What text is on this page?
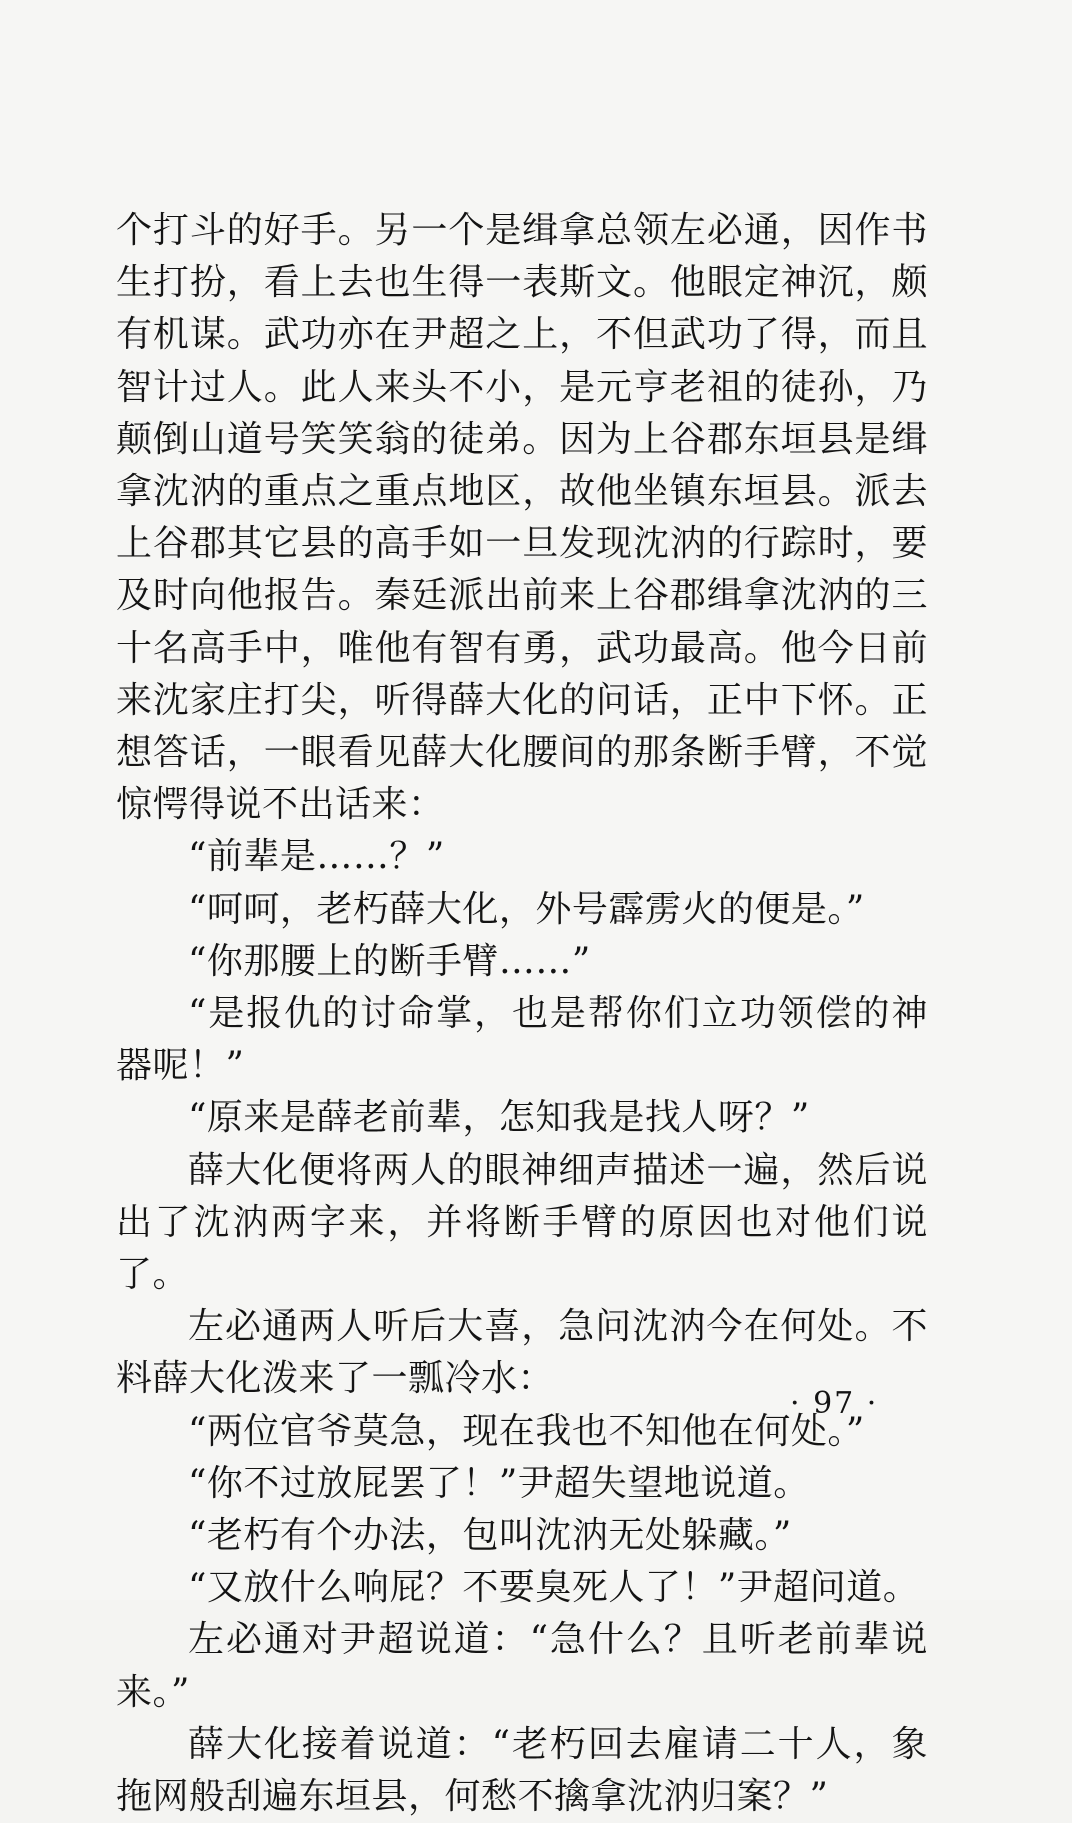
个打斗的好手。另一个是缉拿总领左必通，因作书生打扮，看上去也生得一表斯文。他眼定神沉，颇有机谋。武功亦在尹超之上，不但武功了得，而且智计过人。此人来头不小，是元亨老祖的徒孙，乃颠倒山道号笑笑翁的徒弟。因为上谷郡东垣县是缉拿沈汭的重点之重点地区，故他坐镇东垣县。派去上谷郡其它县的高手如一旦发现沈汭的行踪时，要及时向他报告。秦廷派出前来上谷郡缉拿沈汭的三十名高手中，唯他有智有勇，武功最高。他今日前来沈家庄打尖，听得薛大化的问话，正中下怀。正想答话，一眼看见薛大化腰间的那条断手臂，不觉惊愕得说不出话来：

“前辈是……？”

“呵呵，老朽薛大化，外号霹雳火的便是。”

“你那腰上的断手臂……”

“是报仇的讨命掌，也是帮你们立功领偿的神器呢！”

“原来是薛老前辈，怎知我是找人呀？”

薛大化便将两人的眼神细声描述一遍，然后说出了沈汭两字来，并将断手臂的原因也对他们说了。

左必通两人听后大喜，急问沈汭今在何处。不料薛大化泼来了一瓢冷水：

“两位官爷莫急，现在我也不知他在何处。”

“你不过放屁罢了！”尹超失望地说道。

“老朽有个办法，包叫沈汭无处躲藏。”

“又放什么响屁？不要臭死人了！”尹超问道。

左必通对尹超说道：“急什么？且听老前辈说来。”

薛大化接着说道：“老朽回去雇请二十人，象拖网般刮遍东垣县，何愁不擒拿沈汭归案？”

· 97 ·
